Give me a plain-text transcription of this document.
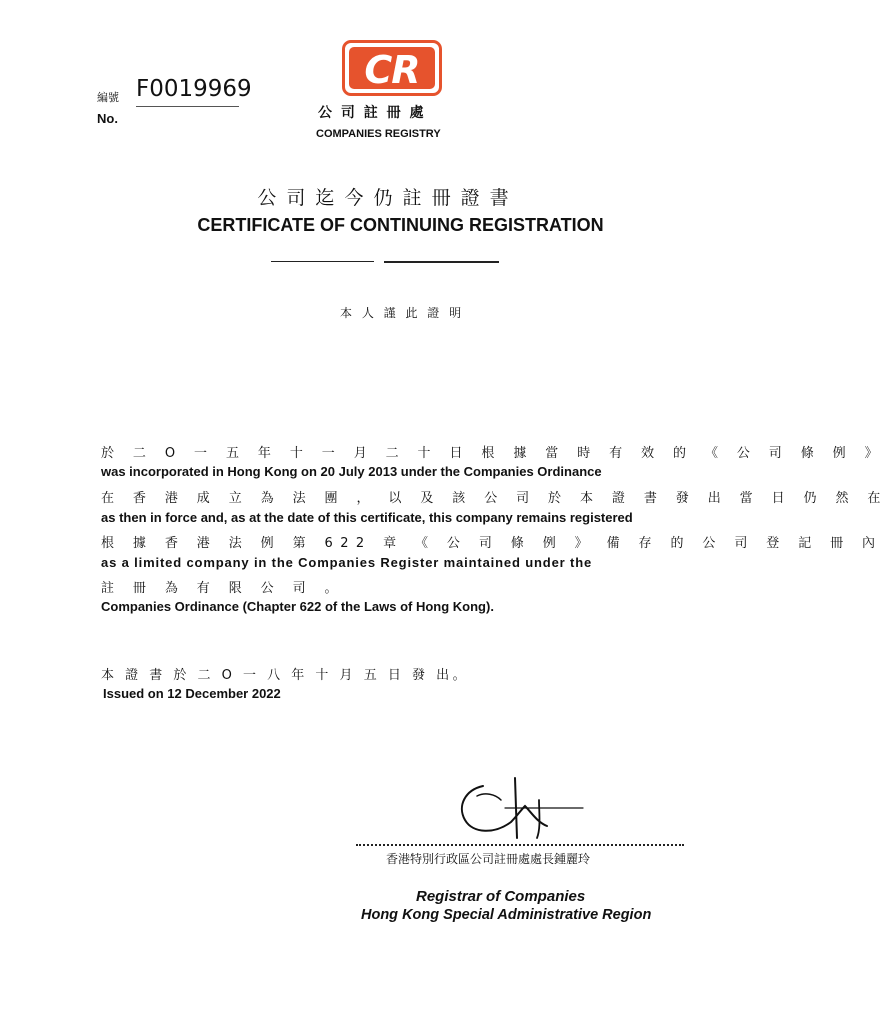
編號
No.
F0019969	CR
公 司 註 冊 處
COMPANIES REGISTRY
公 司 迄 今 仍 註 冊 證 書
CERTIFICATE OF CONTINUING REGISTRATION
本 人 謹 此 證 明
於 二 O 一 五 年 十 一 月 二 十 日 根 據 當 時 有 效 的 《 公 司 條 例 》
was incorporated in Hong Kong on 20 July 2013 under the Companies Ordinance
在 香 港 成 立 為 法 團 ， 以 及 該 公 司 於 本 證 書 發 出 當 日 仍 然 在
as then in force and, as at the date of this certificate, this company remains registered
根 據 香 港 法 例 第 622 章 《 公 司 條 例 》 備 存 的 公 司 登 記 冊 內
as a limited company in the Companies Register maintained under the
註 冊 為 有 限 公 司 。
Companies Ordinance (Chapter 622 of the Laws of Hong Kong).
本 證 書 於 二 O 一 八 年 十 月 五 日 發 出。
Issued on 12 December 2022
香港特別行政區公司註冊處處長鍾麗玲
Registrar of Companies
Hong Kong Special Administrative Region
